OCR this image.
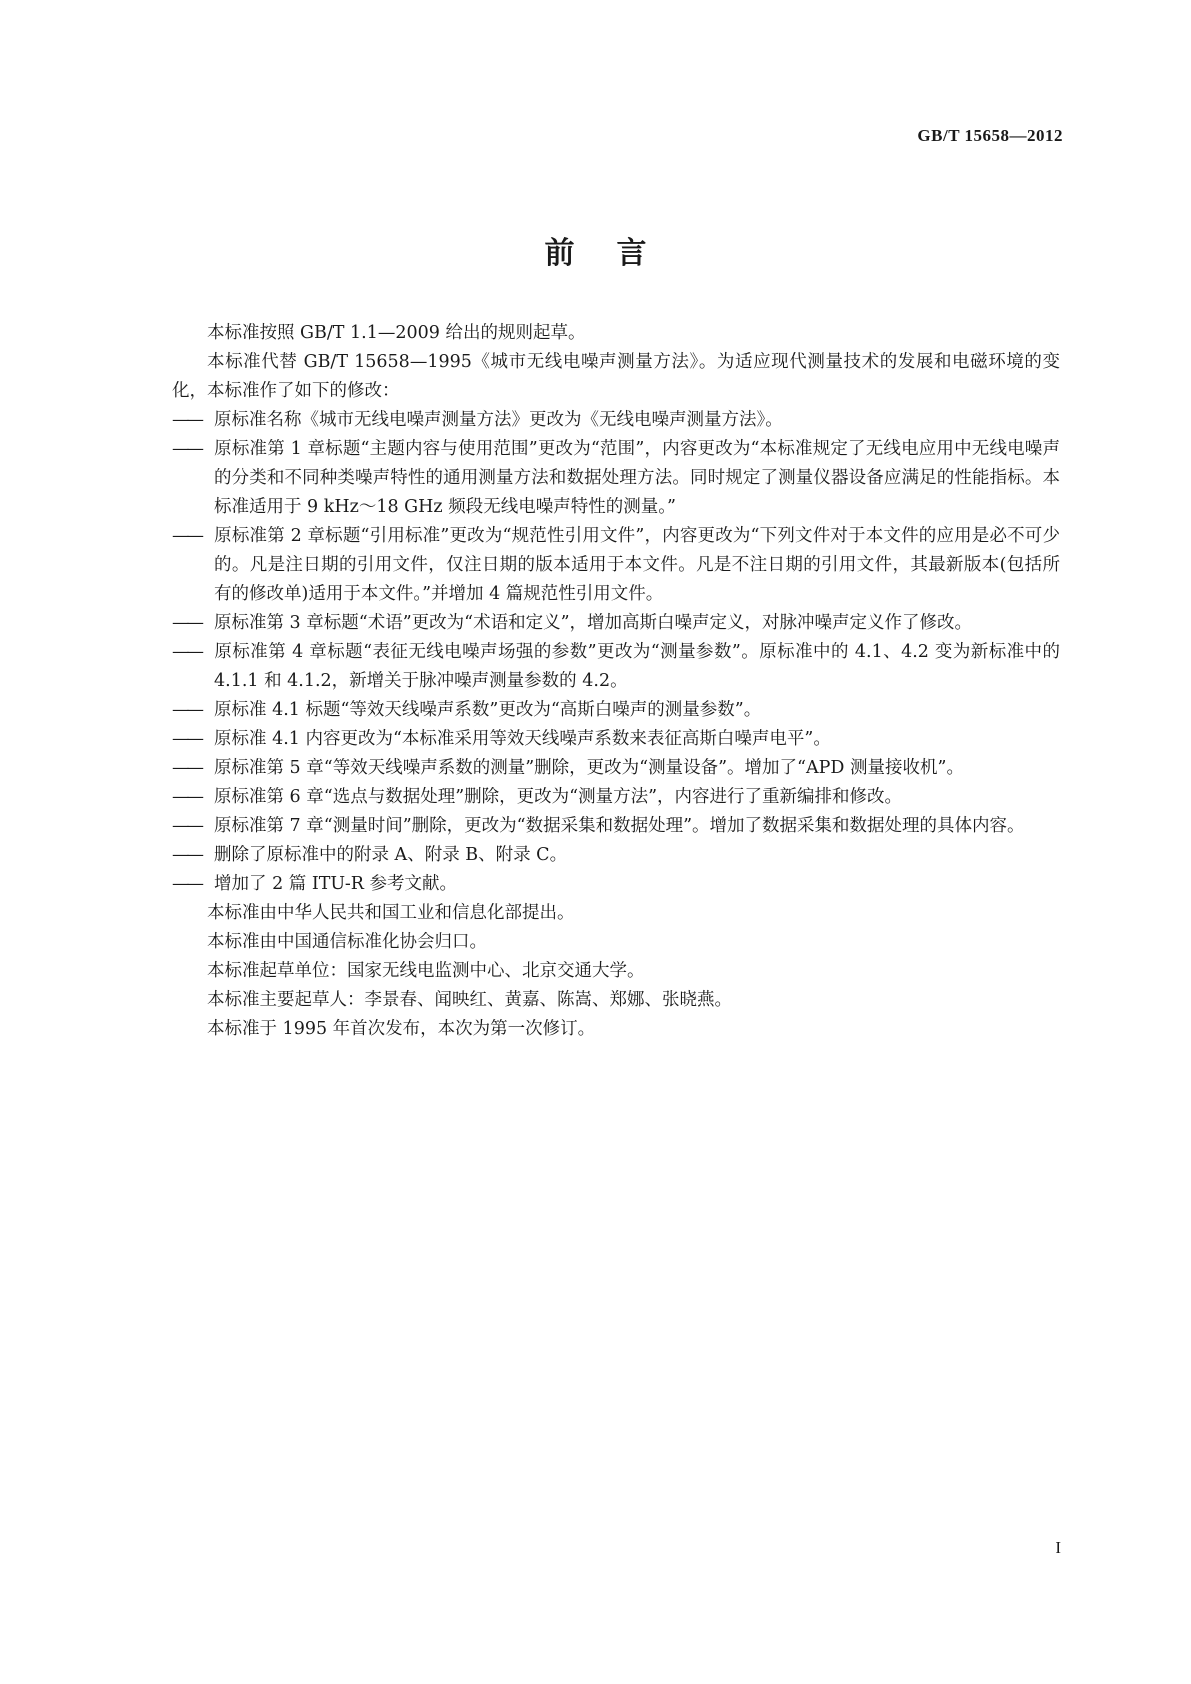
GB/T 15658—2012
前言

本标准按照 GB/T 1.1—2009 给出的规则起草。

本标准代替 GB/T 15658—1995《城市无线电噪声测量方法》。为适应现代测量技术的发展和电磁环境的变化，本标准作了如下的修改：

—— 原标准名称《城市无线电噪声测量方法》更改为《无线电噪声测量方法》。

—— 原标准第 1 章标题“主题内容与使用范围”更改为“范围”，内容更改为“本标准规定了无线电应用中无线电噪声的分类和不同种类噪声特性的通用测量方法和数据处理方法。同时规定了测量仪器设备应满足的性能指标。本标准适用于 9 kHz～18 GHz 频段无线电噪声特性的测量。”

—— 原标准第 2 章标题“引用标准”更改为“规范性引用文件”，内容更改为“下列文件对于本文件的应用是必不可少的。凡是注日期的引用文件，仅注日期的版本适用于本文件。凡是不注日期的引用文件，其最新版本(包括所有的修改单)适用于本文件。”并增加 4 篇规范性引用文件。

—— 原标准第 3 章标题“术语”更改为“术语和定义”，增加高斯白噪声定义，对脉冲噪声定义作了修改。

—— 原标准第 4 章标题“表征无线电噪声场强的参数”更改为“测量参数”。原标准中的 4.1、4.2 变为新标准中的 4.1.1 和 4.1.2，新增关于脉冲噪声测量参数的 4.2。

—— 原标准 4.1 标题“等效天线噪声系数”更改为“高斯白噪声的测量参数”。

—— 原标准 4.1 内容更改为“本标准采用等效天线噪声系数来表征高斯白噪声电平”。

—— 原标准第 5 章“等效天线噪声系数的测量”删除，更改为“测量设备”。增加了“APD 测量接收机”。

—— 原标准第 6 章“选点与数据处理”删除，更改为“测量方法”，内容进行了重新编排和修改。

—— 原标准第 7 章“测量时间”删除，更改为“数据采集和数据处理”。增加了数据采集和数据处理的具体内容。

—— 删除了原标准中的附录 A、附录 B、附录 C。

—— 增加了 2 篇 ITU-R 参考文献。

本标准由中华人民共和国工业和信息化部提出。

本标准由中国通信标准化协会归口。

本标准起草单位：国家无线电监测中心、北京交通大学。

本标准主要起草人：李景春、闻映红、黄嘉、陈嵩、郑娜、张晓燕。

本标准于 1995 年首次发布，本次为第一次修订。

I
